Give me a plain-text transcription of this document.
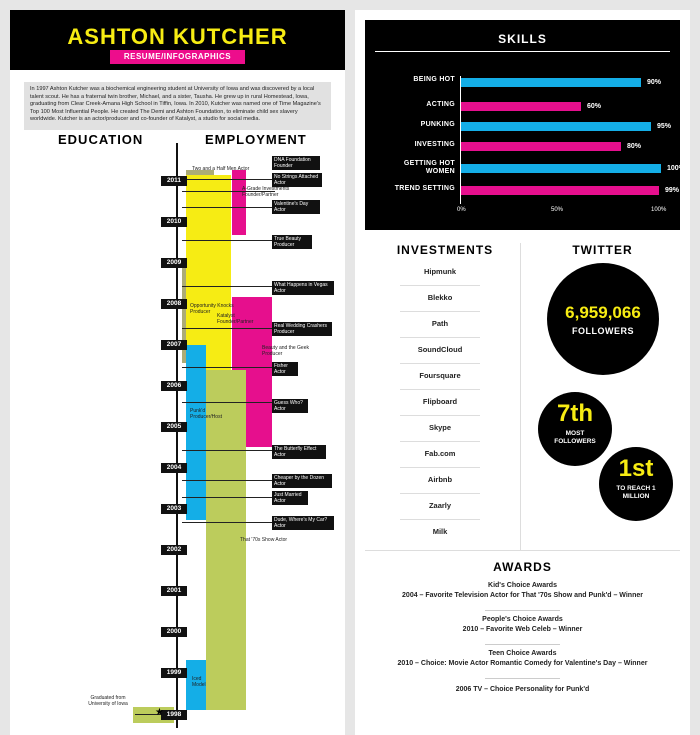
ASHTON KUTCHER
RESUME/INFOGRAPHICS
In 1997 Ashton Kutcher was a biochemical engineering student at University of Iowa and was discovered by a local talent scout. He has a fraternal twin brother, Michael, and a sister, Tausha. He grew up in rural Homestead, Iowa, graduating from Clear Creek-Amana High School in Tiffin, Iowa. In 2010, Kutcher was named one of Time Magazine's Top 100 Most Influential People. He created The Demi and Ashton Foundation, to eliminate child sex slavery worldwide. Kutcher is an actor/producer and co-founder of Katalyst, a studio for social media.
EDUCATION	EMPLOYMENT
2011
2010
2009
2008
2007
2006
2005
2004
2003
2002
2001
2000
1999
1998
DNA Foundation Founder
No Strings Attached Actor
Valentine's Day Actor
True Beauty Producer
What Happens in Vegas Actor
Real Wedding Crashers Producer
Fisher Actor
Guess Who? Actor
The Butterfly Effect Actor
Cheaper by the Dozen Actor
Just Married Actor
Dude, Where's My Car? Actor
Two and a Half Men Actor
A-Grade Investments Founder/Partner
Opportunity Knocks Producer
Katalyst Founder/Partner
Beauty and the Geek Producer
Punk'd Producer/Host
That '70s Show Actor
Iced Model
Graduated from University of Iowa
★
SKILLS
BEING HOT	90%
ACTING	60%
PUNKING	95%
INVESTING	80%
GETTING HOT WOMEN	100%
TREND SETTING	99%
0%	50%	100%
INVESTMENTS
Hipmunk
Blekko
Path
SoundCloud
Foursquare
Flipboard
Skype
Fab.com
Airbnb
Zaarly
Milk
TWITTER
6,959,066
FOLLOWERS
7th
MOST FOLLOWERS
1st
TO REACH 1 MILLION
AWARDS
Kid's Choice Awards
2004 – Favorite Television Actor for That '70s Show and Punk'd – Winner
People's Choice Awards
2010 – Favorite Web Celeb – Winner
Teen Choice Awards
2010 – Choice: Movie Actor Romantic Comedy for Valentine's Day – Winner
2006 TV – Choice Personality for Punk'd
